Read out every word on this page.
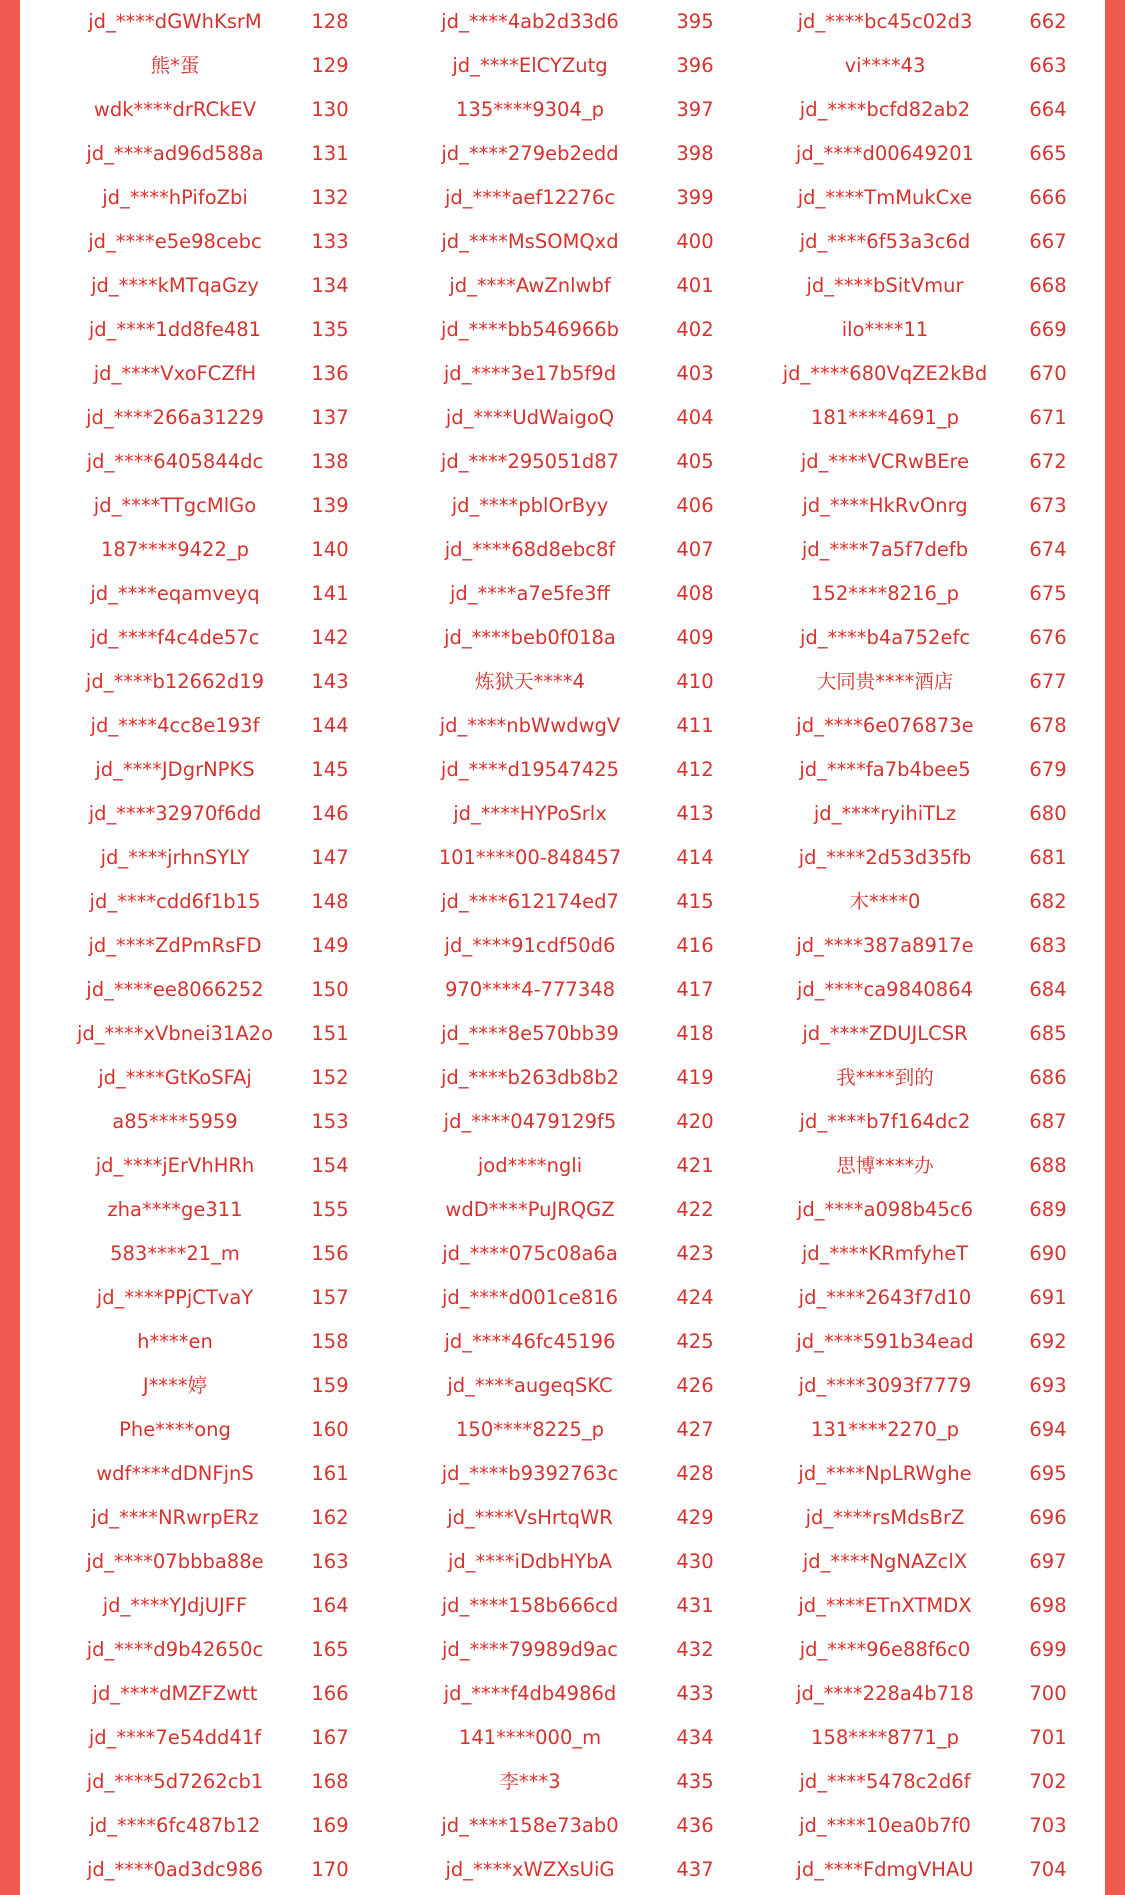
jd_****dGWhKsrM	128	jd_****4ab2d33d6	395	jd_****bc45c02d3	662
熊*蛋	129	jd_****ElCYZutg	396	vi****43	663
wdk****drRCkEV	130	135****9304_p	397	jd_****bcfd82ab2	664
jd_****ad96d588a	131	jd_****279eb2edd	398	jd_****d00649201	665
jd_****hPifoZbi	132	jd_****aef12276c	399	jd_****TmMukCxe	666
jd_****e5e98cebc	133	jd_****MsSOMQxd	400	jd_****6f53a3c6d	667
jd_****kMTqaGzy	134	jd_****AwZnlwbf	401	jd_****bSitVmur	668
jd_****1dd8fe481	135	jd_****bb546966b	402	ilo****11	669
jd_****VxoFCZfH	136	jd_****3e17b5f9d	403	jd_****680VqZE2kBd	670
jd_****266a31229	137	jd_****UdWaigoQ	404	181****4691_p	671
jd_****6405844dc	138	jd_****295051d87	405	jd_****VCRwBEre	672
jd_****TTgcMlGo	139	jd_****pblOrByy	406	jd_****HkRvOnrg	673
187****9422_p	140	jd_****68d8ebc8f	407	jd_****7a5f7defb	674
jd_****eqamveyq	141	jd_****a7e5fe3ff	408	152****8216_p	675
jd_****f4c4de57c	142	jd_****beb0f018a	409	jd_****b4a752efc	676
jd_****b12662d19	143	炼狱天****4	410	大同贵****酒店	677
jd_****4cc8e193f	144	jd_****nbWwdwgV	411	jd_****6e076873e	678
jd_****JDgrNPKS	145	jd_****d19547425	412	jd_****fa7b4bee5	679
jd_****32970f6dd	146	jd_****HYPoSrlx	413	jd_****ryihiTLz	680
jd_****jrhnSYLY	147	101****00-848457	414	jd_****2d53d35fb	681
jd_****cdd6f1b15	148	jd_****612174ed7	415	木****0	682
jd_****ZdPmRsFD	149	jd_****91cdf50d6	416	jd_****387a8917e	683
jd_****ee8066252	150	970****4-777348	417	jd_****ca9840864	684
jd_****xVbnei31A2o	151	jd_****8e570bb39	418	jd_****ZDUJLCSR	685
jd_****GtKoSFAj	152	jd_****b263db8b2	419	我****到的	686
a85****5959	153	jd_****0479129f5	420	jd_****b7f164dc2	687
jd_****jErVhHRh	154	jod****ngli	421	思博****办	688
zha****ge311	155	wdD****PuJRQGZ	422	jd_****a098b45c6	689
583****21_m	156	jd_****075c08a6a	423	jd_****KRmfyheT	690
jd_****PPjCTvaY	157	jd_****d001ce816	424	jd_****2643f7d10	691
h****en	158	jd_****46fc45196	425	jd_****591b34ead	692
J****婷	159	jd_****augeqSKC	426	jd_****3093f7779	693
Phe****ong	160	150****8225_p	427	131****2270_p	694
wdf****dDNFjnS	161	jd_****b9392763c	428	jd_****NpLRWghe	695
jd_****NRwrpERz	162	jd_****VsHrtqWR	429	jd_****rsMdsBrZ	696
jd_****07bbba88e	163	jd_****iDdbHYbA	430	jd_****NgNAZclX	697
jd_****YJdjUJFF	164	jd_****158b666cd	431	jd_****ETnXTMDX	698
jd_****d9b42650c	165	jd_****79989d9ac	432	jd_****96e88f6c0	699
jd_****dMZFZwtt	166	jd_****f4db4986d	433	jd_****228a4b718	700
jd_****7e54dd41f	167	141****000_m	434	158****8771_p	701
jd_****5d7262cb1	168	李***3	435	jd_****5478c2d6f	702
jd_****6fc487b12	169	jd_****158e73ab0	436	jd_****10ea0b7f0	703
jd_****0ad3dc986	170	jd_****xWZXsUiG	437	jd_****FdmgVHAU	704
